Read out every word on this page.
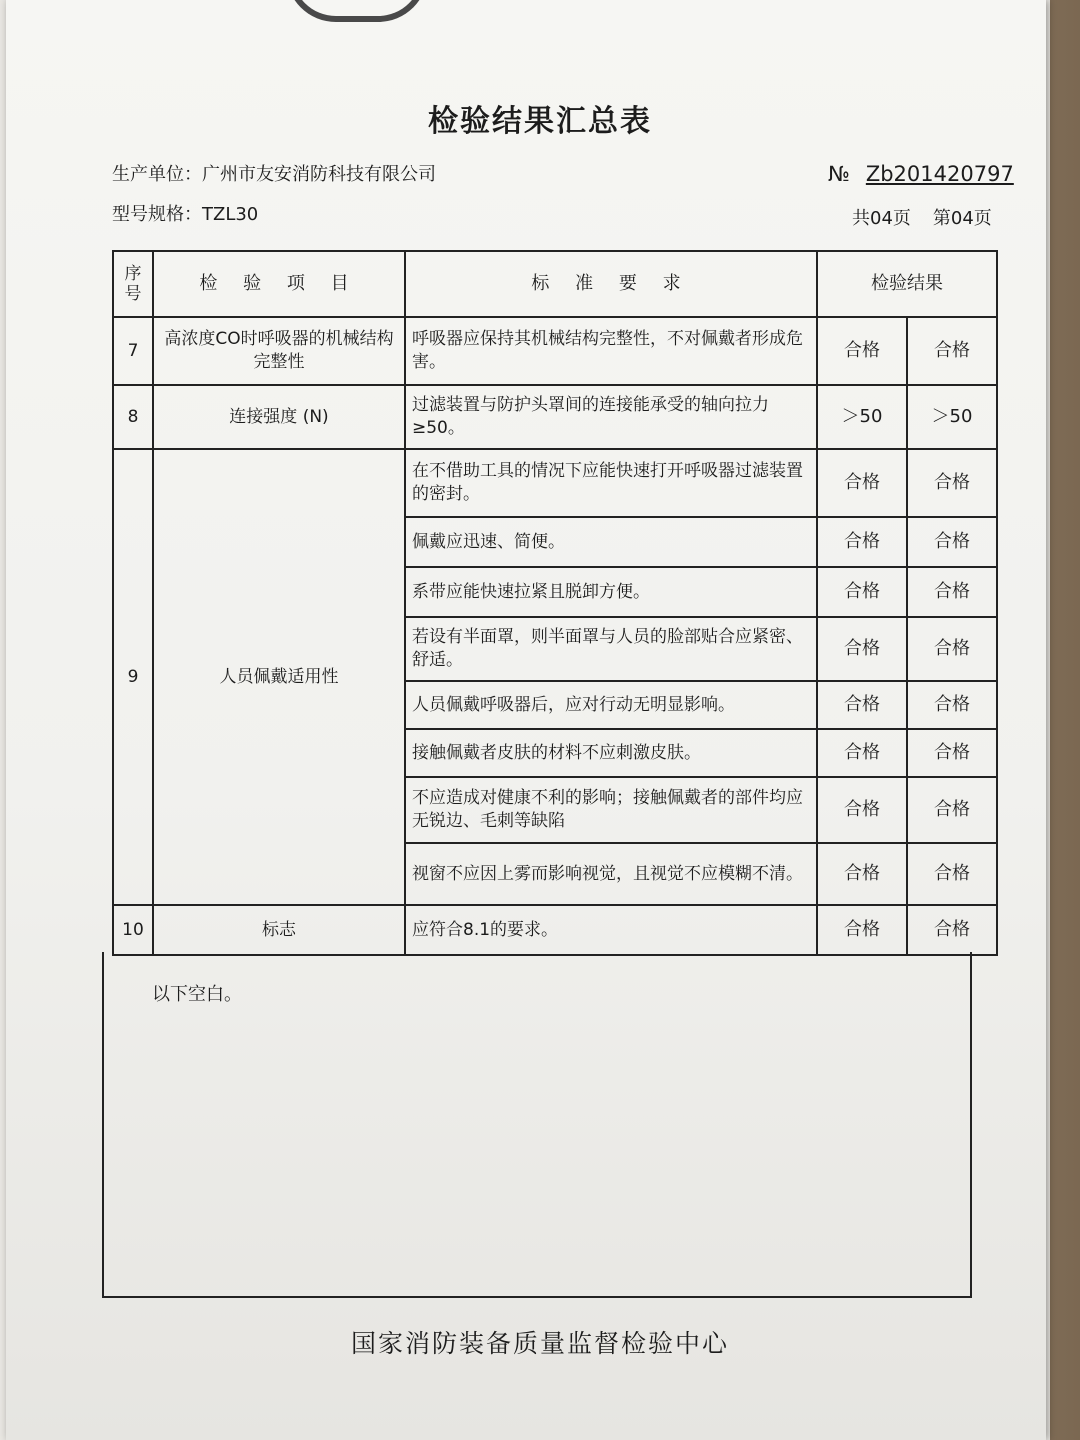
检验结果汇总表
生产单位：广州市友安消防科技有限公司
型号规格：TZL30
№ Zb201420797
共04页 第04页
序号	检 验 项 目	标 准 要 求	检验结果	
7	高浓度CO时呼吸器的机械结构完整性	呼吸器应保持其机械结构完整性，不对佩戴者形成危害。	合格	合格
8	连接强度 (N)	过滤装置与防护头罩间的连接能承受的轴向拉力≥50。	＞50	＞50
9	人员佩戴适用性	在不借助工具的情况下应能快速打开呼吸器过滤装置的密封。	合格	合格
		佩戴应迅速、简便。	合格	合格
		系带应能快速拉紧且脱卸方便。	合格	合格
		若设有半面罩，则半面罩与人员的脸部贴合应紧密、舒适。	合格	合格
		人员佩戴呼吸器后，应对行动无明显影响。	合格	合格
		接触佩戴者皮肤的材料不应刺激皮肤。	合格	合格
		不应造成对健康不利的影响；接触佩戴者的部件均应无锐边、毛刺等缺陷	合格	合格
		视窗不应因上雾而影响视觉，且视觉不应模糊不清。	合格	合格
10	标志	应符合8.1的要求。	合格	合格
以下空白。
国家消防装备质量监督检验中心
